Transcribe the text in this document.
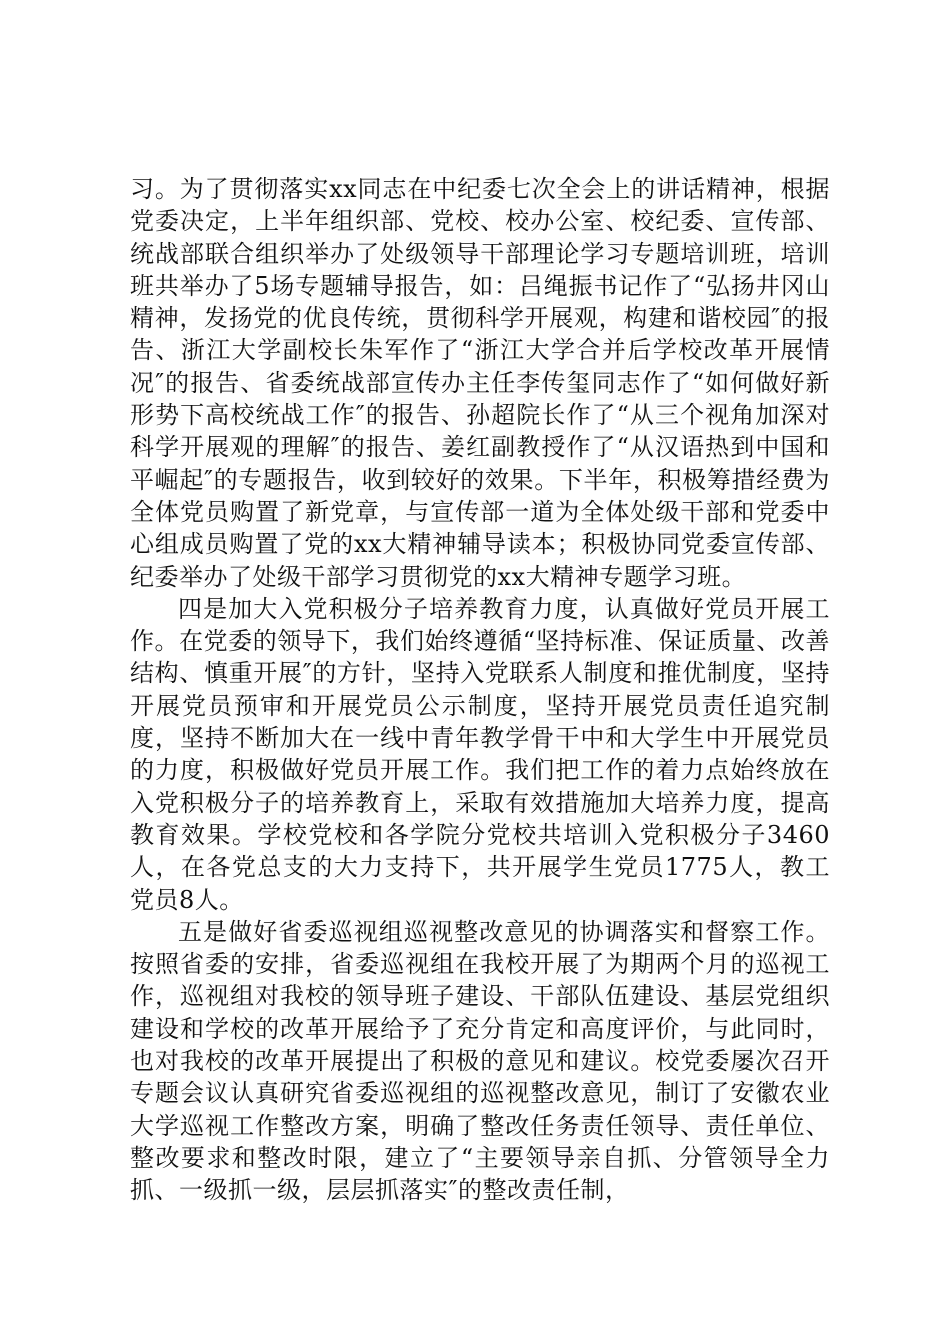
习。为了贯彻落实xx同志在中纪委七次全会上的讲话精神，根据党委决定，上半年组织部、党校、校办公室、校纪委、宣传部、统战部联合组织举办了处级领导干部理论学习专题培训班，培训班共举办了5场专题辅导报告，如：吕绳振书记作了“弘扬井冈山精神，发扬党的优良传统，贯彻科学开展观，构建和谐校园″的报告、浙江大学副校长朱军作了“浙江大学合并后学校改革开展情况″的报告、省委统战部宣传办主任李传玺同志作了“如何做好新形势下高校统战工作″的报告、孙超院长作了“从三个视角加深对科学开展观的理解″的报告、姜红副教授作了“从汉语热到中国和平崛起″的专题报告，收到较好的效果。下半年，积极筹措经费为全体党员购置了新党章，与宣传部一道为全体处级干部和党委中心组成员购置了党的xx大精神辅导读本；积极协同党委宣传部、纪委举办了处级干部学习贯彻党的xx大精神专题学习班。

四是加大入党积极分子培养教育力度，认真做好党员开展工作。在党委的领导下，我们始终遵循“坚持标准、保证质量、改善结构、慎重开展″的方针，坚持入党联系人制度和推优制度，坚持开展党员预审和开展党员公示制度，坚持开展党员责任追究制度，坚持不断加大在一线中青年教学骨干中和大学生中开展党员的力度，积极做好党员开展工作。我们把工作的着力点始终放在入党积极分子的培养教育上，采取有效措施加大培养力度，提高教育效果。学校党校和各学院分党校共培训入党积极分子3460人，在各党总支的大力支持下，共开展学生党员1775人，教工党员8人。

五是做好省委巡视组巡视整改意见的协调落实和督察工作。按照省委的安排，省委巡视组在我校开展了为期两个月的巡视工作，巡视组对我校的领导班子建设、干部队伍建设、基层党组织建设和学校的改革开展给予了充分肯定和高度评价，与此同时，也对我校的改革开展提出了积极的意见和建议。校党委屡次召开专题会议认真研究省委巡视组的巡视整改意见，制订了安徽农业大学巡视工作整改方案，明确了整改任务责任领导、责任单位、整改要求和整改时限，建立了“主要领导亲自抓、分管领导全力抓、一级抓一级，层层抓落实″的整改责任制，
